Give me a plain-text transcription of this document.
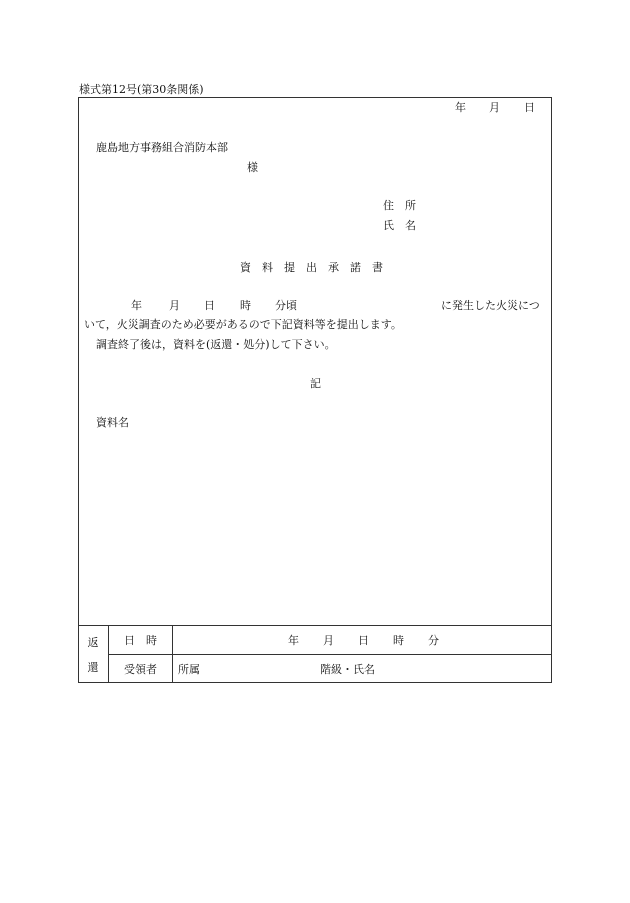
様式第12号(第30条関係)
年 月 日
鹿島地方事務組合消防本部
様
住　所
氏　名
資　料　提　出　承　諾　書
年 月 日 時 分頃	に発生した火災につ
いて，火災調査のため必要があるので下記資料等を提出します。
調査終了後は，資料を(返還・処分)して下さい。
記
資料名
返
還
日　時	年 月 日 時 分
受領者 所属	階級・氏名
